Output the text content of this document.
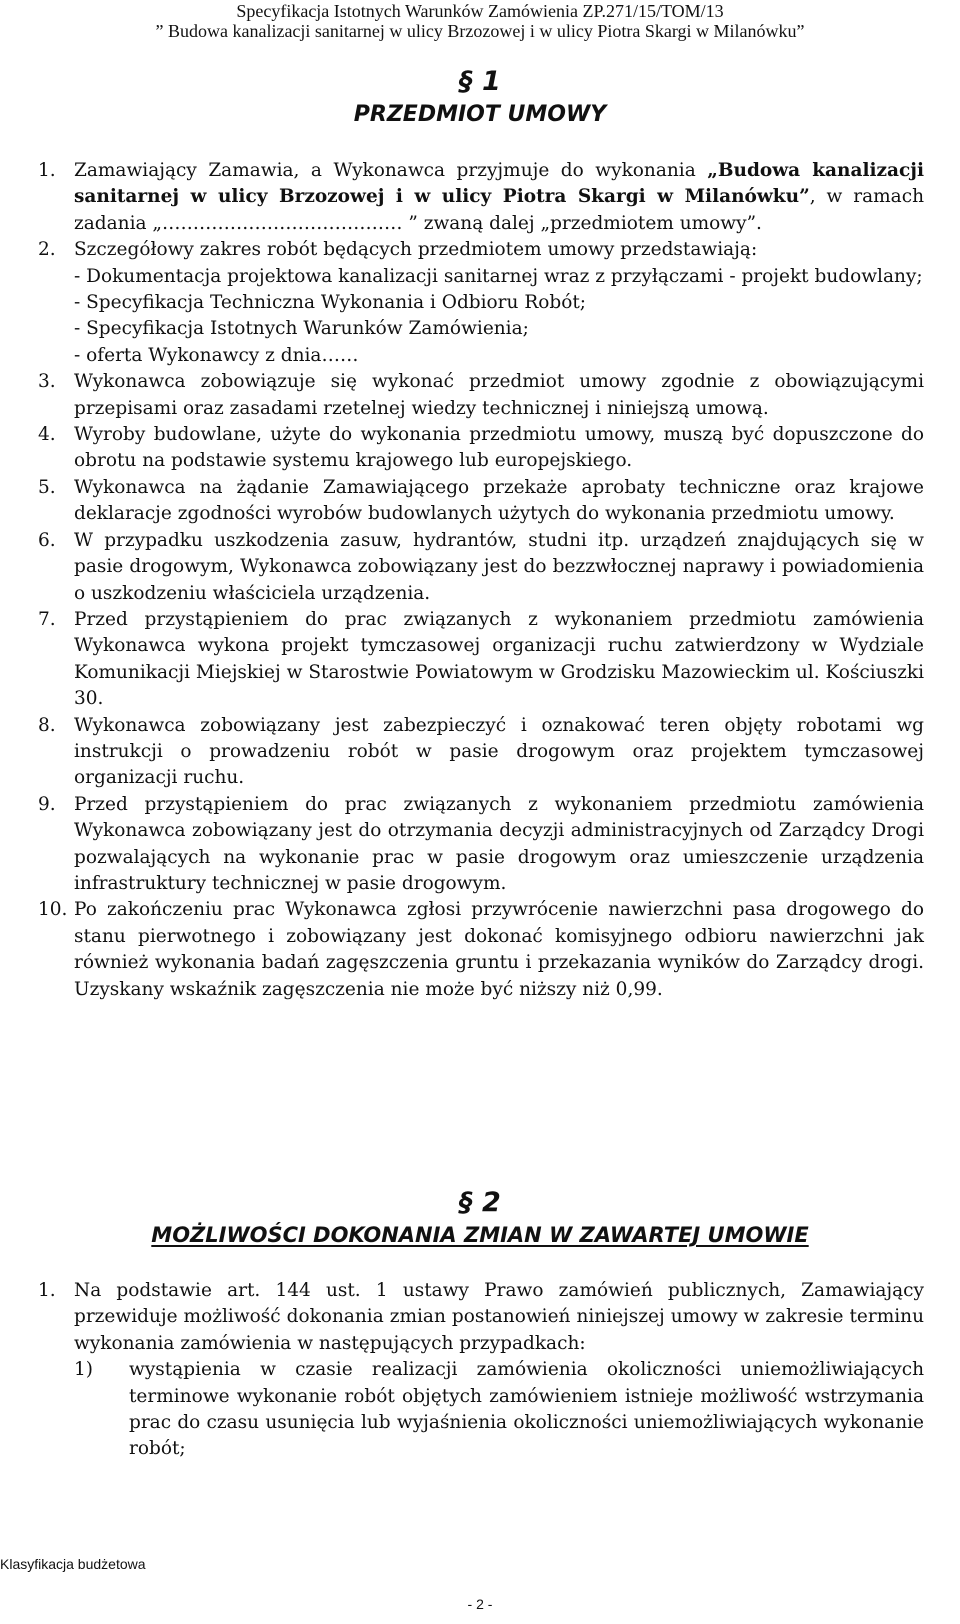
Specyfikacja Istotnych Warunków Zamówienia ZP.271/15/TOM/13
” Budowa kanalizacji sanitarnej w ulicy Brzozowej i w ulicy Piotra Skargi w Milanówku”
§ 1
PRZEDMIOT UMOWY
1. Zamawiający Zamawia, a Wykonawca przyjmuje do wykonania „Budowa kanalizacji sanitarnej w ulicy Brzozowej i w ulicy Piotra Skargi w Milanówku”, w ramach zadania „………………………………… ” zwaną dalej „przedmiotem umowy”.
2. Szczegółowy zakres robót będących przedmiotem umowy przedstawiają:
- Dokumentacja projektowa kanalizacji sanitarnej wraz z przyłączami - projekt budowlany;
- Specyfikacja Techniczna Wykonania i Odbioru Robót;
- Specyfikacja Istotnych Warunków Zamówienia;
- oferta Wykonawcy z dnia……
3. Wykonawca zobowiązuje się wykonać przedmiot umowy zgodnie z obowiązującymi przepisami oraz zasadami rzetelnej wiedzy technicznej i niniejszą umową.
4. Wyroby budowlane, użyte do wykonania przedmiotu umowy, muszą być dopuszczone do obrotu na podstawie systemu krajowego lub europejskiego.
5. Wykonawca na żądanie Zamawiającego przekaże aprobaty techniczne oraz krajowe deklaracje zgodności wyrobów budowlanych użytych do wykonania przedmiotu umowy.
6. W przypadku uszkodzenia zasuw, hydrantów, studni itp. urządzeń znajdujących się w pasie drogowym, Wykonawca zobowiązany jest do bezzwłocznej naprawy i powiadomienia o uszkodzeniu właściciela urządzenia.
7. Przed przystąpieniem do prac związanych z wykonaniem przedmiotu zamówienia Wykonawca wykona projekt tymczasowej organizacji ruchu zatwierdzony w Wydziale Komunikacji Miejskiej w Starostwie Powiatowym w Grodzisku Mazowieckim ul. Kościuszki 30.
8. Wykonawca zobowiązany jest zabezpieczyć i oznakować teren objęty robotami wg instrukcji o prowadzeniu robót w pasie drogowym oraz projektem tymczasowej organizacji ruchu.
9. Przed przystąpieniem do prac związanych z wykonaniem przedmiotu zamówienia Wykonawca zobowiązany jest do otrzymania decyzji administracyjnych od Zarządcy Drogi pozwalających na wykonanie prac w pasie drogowym oraz umieszczenie urządzenia infrastruktury technicznej w pasie drogowym.
10. Po zakończeniu prac Wykonawca zgłosi przywrócenie nawierzchni pasa drogowego do stanu pierwotnego i zobowiązany jest dokonać komisyjnego odbioru nawierzchni jak również wykonania badań zagęszczenia gruntu i przekazania wyników do Zarządcy drogi. Uzyskany wskaźnik zagęszczenia nie może być niższy niż 0,99.
§ 2
MOŻLIWOŚCI DOKONANIA ZMIAN W ZAWARTEJ UMOWIE
1. Na podstawie art. 144 ust. 1 ustawy Prawo zamówień publicznych, Zamawiający przewiduje możliwość dokonania zmian postanowień niniejszej umowy w zakresie terminu wykonania zamówienia w następujących przypadkach:
1) wystąpienia w czasie realizacji zamówienia okoliczności uniemożliwiających terminowe wykonanie robót objętych zamówieniem istnieje możliwość wstrzymania prac do czasu usunięcia lub wyjaśnienia okoliczności uniemożliwiających wykonanie robót;
Klasyfikacja budżetowa
- 2 -
